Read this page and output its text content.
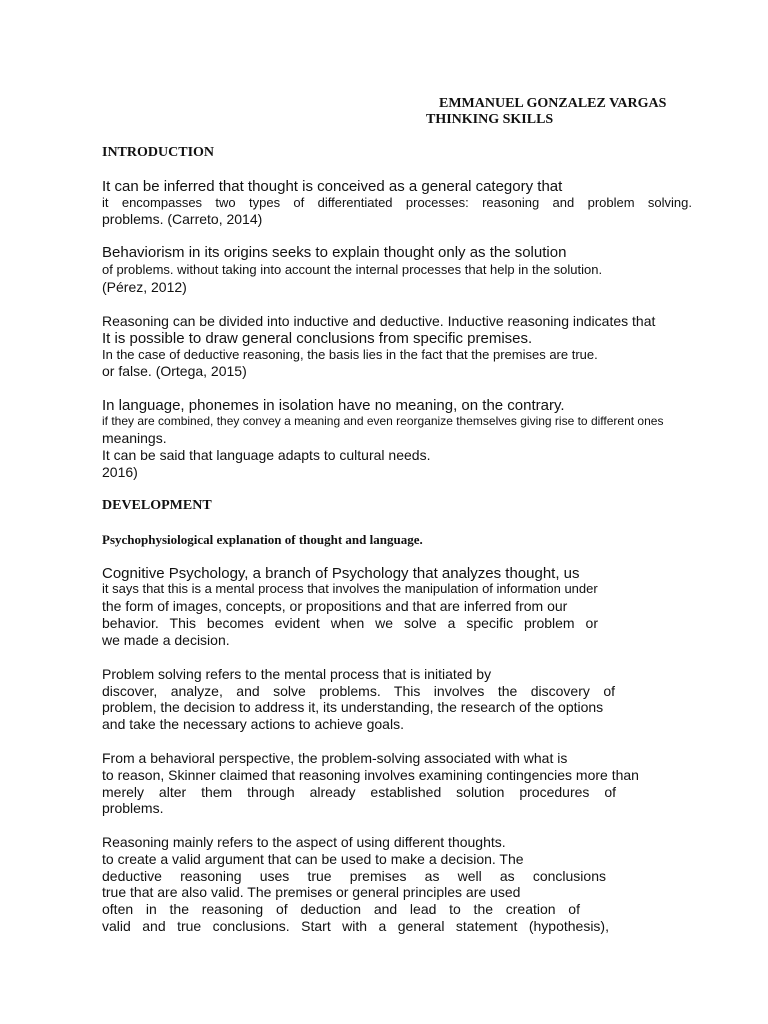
EMMANUEL GONZALEZ VARGAS
THINKING SKILLS
INTRODUCTION
It can be inferred that thought is conceived as a general category that
it encompasses two types of differentiated processes: reasoning and problem solving.
problems. (Carreto, 2014)
Behaviorism in its origins seeks to explain thought only as the solution
of problems. without taking into account the internal processes that help in the solution.
(Pérez, 2012)
Reasoning can be divided into inductive and deductive. Inductive reasoning indicates that
It is possible to draw general conclusions from specific premises.
In the case of deductive reasoning, the basis lies in the fact that the premises are true.
or false. (Ortega, 2015)
In language, phonemes in isolation have no meaning, on the contrary.
if they are combined, they convey a meaning and even reorganize themselves giving rise to different ones
meanings.
It can be said that language adapts to cultural needs.
2016)
DEVELOPMENT
Psychophysiological explanation of thought and language.
Cognitive Psychology, a branch of Psychology that analyzes thought, us
it says that this is a mental process that involves the manipulation of information under
the form of images, concepts, or propositions and that are inferred from our
behavior. This becomes evident when we solve a specific problem or
we made a decision.
Problem solving refers to the mental process that is initiated by
discover, analyze, and solve problems. This involves the discovery of
problem, the decision to address it, its understanding, the research of the options
and take the necessary actions to achieve goals.
From a behavioral perspective, the problem-solving associated with what is
to reason, Skinner claimed that reasoning involves examining contingencies more than
merely alter them through already established solution procedures of
problems.
Reasoning mainly refers to the aspect of using different thoughts.
to create a valid argument that can be used to make a decision. The
deductive reasoning uses true premises as well as conclusions
true that are also valid. The premises or general principles are used
often in the reasoning of deduction and lead to the creation of
valid and true conclusions. Start with a general statement (hypothesis),
